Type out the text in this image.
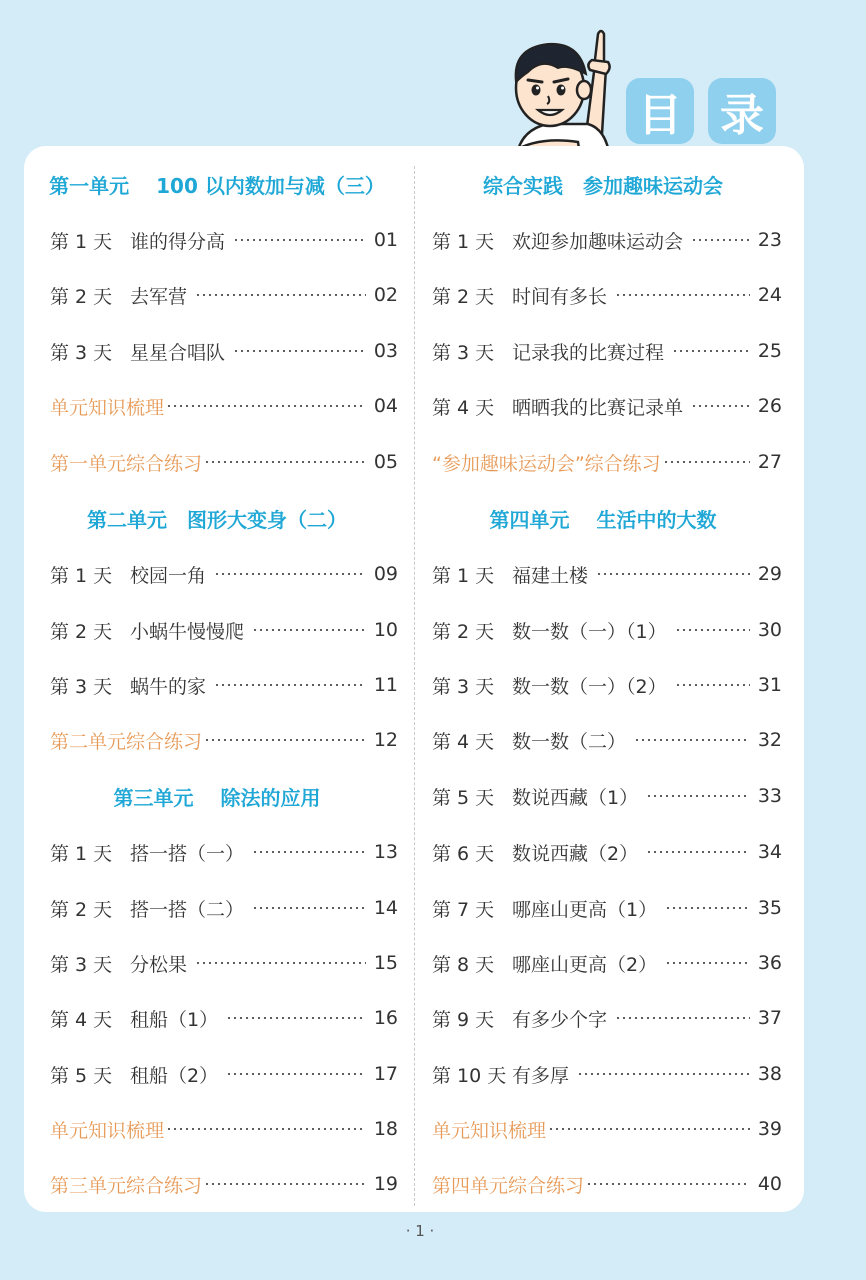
目 录
第一单元　 100 以内数加与减（三）
第 1 天 谁的得分高	01
第 2 天 去军营	02
第 3 天 星星合唱队	03
单元知识梳理	04
第一单元综合练习	05
第二单元　图形大变身（二）
第 1 天 校园一角	09
第 2 天 小蜗牛慢慢爬	10
第 3 天 蜗牛的家	11
第二单元综合练习	12
第三单元　 除法的应用
第 1 天 搭一搭（一）	13
第 2 天 搭一搭（二）	14
第 3 天 分松果	15
第 4 天 租船（1）	16
第 5 天 租船（2）	17
单元知识梳理	18
第三单元综合练习	19
综合实践　参加趣味运动会
第 1 天 欢迎参加趣味运动会	23
第 2 天 时间有多长	24
第 3 天 记录我的比赛过程	25
第 4 天 晒晒我的比赛记录单	26
“参加趣味运动会”综合练习	27
第四单元　 生活中的大数
第 1 天 福建土楼	29
第 2 天 数一数（一）（1）	30
第 3 天 数一数（一）（2）	31
第 4 天 数一数（二）	32
第 5 天 数说西藏（1）	33
第 6 天 数说西藏（2）	34
第 7 天 哪座山更高（1）	35
第 8 天 哪座山更高（2）	36
第 9 天 有多少个字	37
第 10 天 有多厚	38
单元知识梳理	39
第四单元综合练习	40
· 1 ·
